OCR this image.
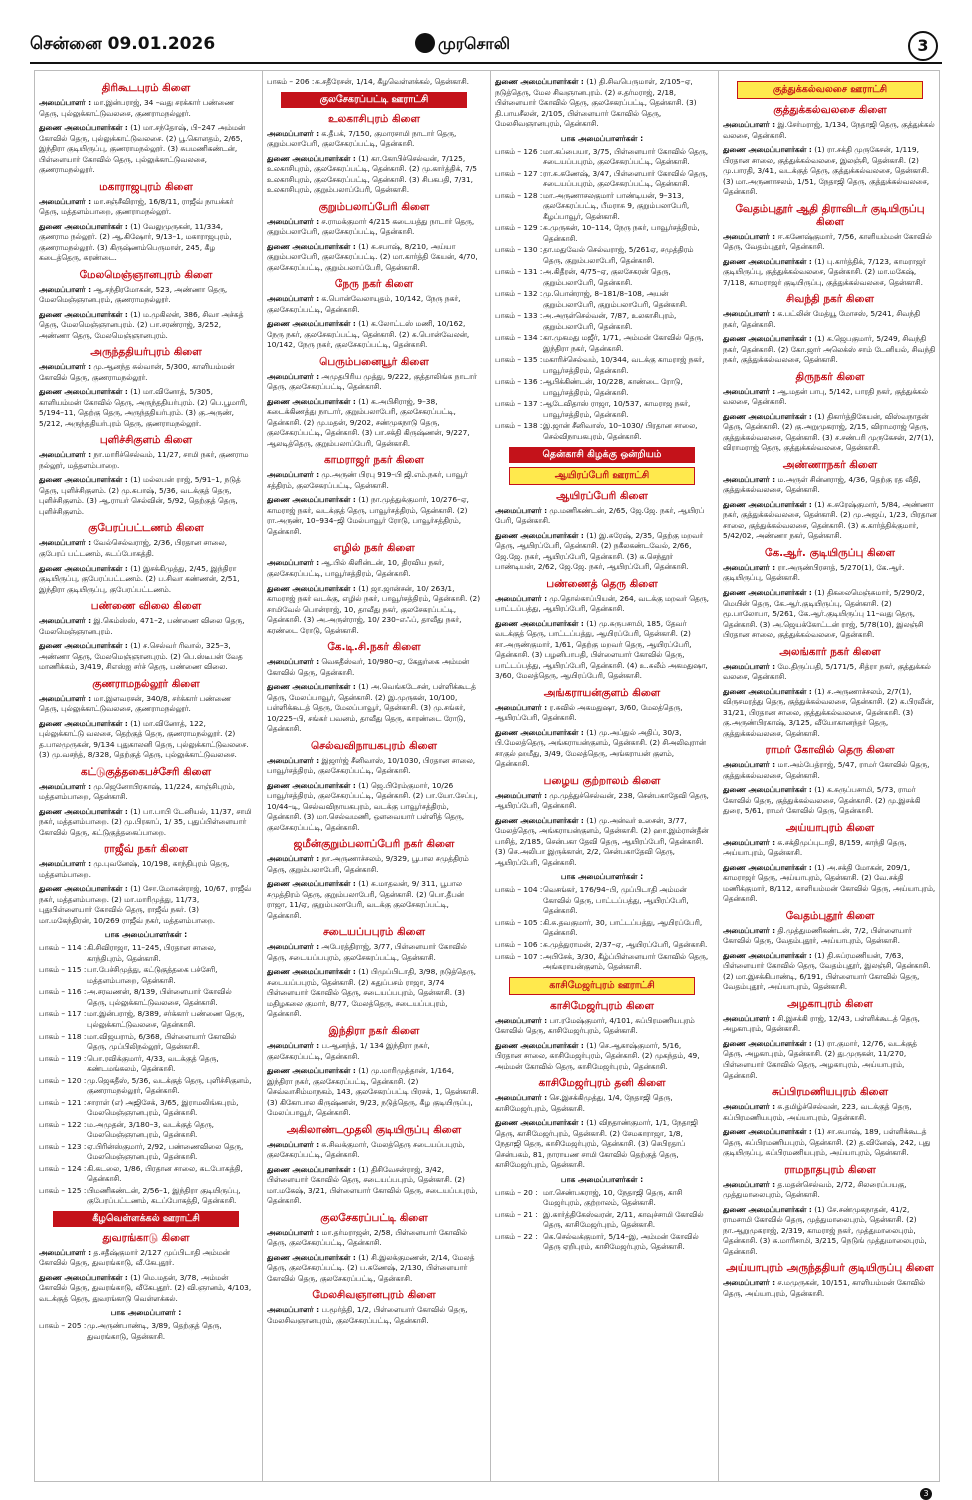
சென்னை 09.01.2026	முரசொலி	3
திரிகூடபுரம் கிளை

அமைப்பாளர் : மா.இன்பராஜ், 34 –வது சரக்கார் பண்ணை தெரு, புல்லுக்காட்டுவலசை, குணராமநல்லூர்.

துணை அமைப்பாளர்கள் : (1) மா.சந்தோஷ், பி–247 அம்மன் கோவில் தெரு, புல்லுக்காட்டுவலசை. (2) பூ.கொளதம், 2/65, இந்திரா குடியிருப்பு, குணராமநல்லூர். (3) சுபமணிகண்டன், பிள்ளையார் கோவில் தெரு, புல்லுக்காட்டுவலசை, குணராமநல்லூர்.

மகாராஜபுரம் கிளை

அமைப்பாளர் : மா.சஞ்சீவிராஜ், 16/8/11, ராஜீவ் நாயக்கர் தெரு, மத்தளம்பாறை, குணராமநல்லூர்.

துணை அமைப்பாளர்கள் : (1) வேலுமுருகன், 11/334, குணராம நல்லூர். (2) ஆ.கிஷோர், 9/13–1, மகாராஜபுரம், குணராமநல்லூர். (3) கிருஷ்ணம்பெருமாள், 245, கீழ கடைத்தெரு, சுரண்டை.

மேலமெஞ்ஞானபுரம் கிளை

அமைப்பாளர் : ஆ.சந்திரமோகன், 523, அண்ணா தெரு, மேலமெஞ்ஞானபுரம், குணராமநல்லூர்.

துணை அமைப்பாளர்கள் : (1) ம.முகிலன், 386, சிவா அச்சுத் தெரு, மேலமெஞ்ஞானபுரம். (2) பா.சரண்ராஜ், 3/252, அண்ணா தெரு, மேலமெஞ்ஞானபுரம்.

அருந்ததியர்புரம் கிளை

அமைப்பாளர் : மு.ஆனந்த சுல்வான், 5/300, காளியம்மன் கோவில் தெரு, குணராமநல்லூர்.

துணை அமைப்பாளர்கள் : (1) மா.வினோத், 5/305, காளியம்மன் கோவில் தெரு, அருந்ததியர்புரம். (2) பெ.பூமாரி, 5/194–11, தெற்கு தெரு, அருந்ததியர்புரம். (3) கு.அருண், 5/212, அருந்ததியர்புரம் தெரு, குணராமநல்லூர்.

புளிச்சிகுளம் கிளை

அமைப்பாளர் : நா.மாரிச்செல்வம், 11/27, சாமி நகர், குணராம நல்லூர், மத்தளம்பாறை.

துணை அமைப்பாளர்கள் : (1) மல்லபன் ராஜ், 5/91–1, நடுத் தெரு, புளிச்சிகுளம். (2) மு.சுபாஷ், 5/36, வடக்குத் தெரு, புளிச்சிகுளம். (3) ஆ.ராயர் செல்வின், 5/92, தெற்குத் தெரு, புளிச்சிகுளம்.

குபேரப்பட்டணம் கிளை

அமைப்பாளர் : வேல்செல்வராஜ், 2/36, பிரதான சாலை, குபேரப் பட்டணம், சுடப்போகத்தி.

துணை அமைப்பாளர்கள் : (1) இசக்கிமுத்து, 2/45, இந்திரா குடியிருப்பு, குபேரப்பட்டணம். (2) ப.சிவா கண்ணன், 2/51, இந்திரா குடியிருப்பு, குபேரப்பட்டணம்.

பண்ணை விலை கிளை

அமைப்பாளர் : இ.கெம்ஸ்ஸ், 471–2, பண்ணை விலை தெரு, மேலமெஞ்ஞானபுரம்.

துணை அமைப்பாளர்கள் : (1) ச.செல்வர் ரிவால், 325–3, அண்ணா தெரு, மேலமெஞ்ஞானபுரம். (2) பெ.ஸ்டீபன் வேத மாணிக்கம், 3/419, சிஎஸ்ஐ சர்ச் தெரு, பண்ணை விலை.

குணராமநல்லூர் கிளை

அமைப்பாளர் : மா.இளவரசன், 340/8, சர்க்கார் பண்ணை தெரு, புல்லுக்காட்டுவலசை, குணராமநல்லூர்.

துணை அமைப்பாளர்கள் : (1) மா.வினோத், 122, புல்லுக்காட்டு வலசை, தெற்குத் தெரு, குணராமநல்லூர். (2) த.பாலமுருகன், 9/134 புதுகாலனி தெரு, புல்லுக்காட்டுவலசை. (3) மு.வசந்த், 8/328, தெற்குத் தெரு, புல்லுக்காட்டுவலசை.

கட்டுகுத்தகைபச்சேரி கிளை

அமைப்பாளர் : மு.ஜெனோபிரகாஷ், 11/224, காஞ்சிபுரம், மத்தளம்பாறை, தென்காசி.

துணை அமைப்பாளர்கள் : (1) பா.பாபி டேனியல், 11/37, சாமி நகர், மத்தளம்பாறை. (2) மு.பிரகாப், 1/ 35, புதுப்பிள்ளையார் கோவில் தெரு, கட்டுகுத்தகைப்பாறை.

ராஜீவ் நகர் கிளை

அமைப்பாளர் : மு.புவனேஷ், 10/198, காந்திபுரம் தெரு, மத்தளம்பாறை.

துணை அமைப்பாளர்கள் : (1) சோ.மோகன்ராஜ், 10/67, ராஜீவ் நகர், மத்தளம்பாறை. (2) மா.மாரிமுத்து, 11/73, புதுபிள்ளையார் கோவில் தெரு, ராஜீவ் நகர். (3) மா.மகேந்திரன், 10/269 ராஜீவ் நகர், மத்தளம்பாறை.

பாக அமைப்பாளர்கள் :
பாகம் – 114 : கி.சிவிராஜா, 11–245, பிரதான சாலை, காந்திபுரம், தென்காசி.
பாகம் – 115 : பா.பேச்சிமுத்து, கட்டுகுத்தகை பச்சேரி, மத்தளம்பாறை, தென்காசி.
பாகம் – 116 : அ.சரவணன், 8/139, பிள்ளையார் கோவில் தெரு, புல்லுக்காட்டுவலசை, தென்காசி.
பாகம் – 117 : மா.இன்பராஜ், 8/389, சர்க்கார் பண்ணை தெரு, புல்லுக்காட்டுவலசை, தென்காசி.
பாகம் – 118 : மா.விஜயராம், 6/368, பிள்ளையார் கோவில் தெரு, முப்பிலிநல்லூர், தென்காசி.
பாகம் – 119 : பொ.ரவிக்குமார், 4/33, வடக்குத் தெரு, கண்டமங்கலம், தென்காசி.
பாகம் – 120 : மு.ஜெகதீஸ், 5/36, வடக்குத் தெரு, புளிச்சிகுளம், குணராமநல்லூர், தென்காசி.
பாகம் – 121 : சாராள் (எ) அஜிசேக், 3/65, இராமலிங்கபுரம், மேலமெஞ்ஞானபுரம், தென்காசி.
பாகம் – 122 : ம.அமுதன், 3/180–3, வடக்குத் தெரு, மேலமெஞ்ஞானபுரம், தென்காசி.
பாகம் – 123 : ஏ.பிரின்ஸ்குமார், 2/92, பண்ணைவிலை தெரு, மேலமெஞ்ஞானபுரம், தென்காசி.
பாகம் – 124 : கி.கடலை, 1/86, பிரதான சாலை, கடபோகத்தி, தென்காசி.
பாகம் – 125 : பிமணிகண்டன், 2/56–1, இந்திரா குடியிருப்பு, குபேரப்பட்டணம், கடப்போகத்தி, தென்காசி.
கீழவெள்ளக்கல் ஊராட்சி
துவரங்காடு கிளை

அமைப்பாளர் : த.சதீஷ்குமார் 2/127 முப்பிடாதி அம்மன் கோவில் தெரு, துவரங்காடு, வீ.கேபுதூர்.

துணை அமைப்பாளர்கள் : (1) மெ.மதன், 3/78, அம்மன் கோவில் தெரு, துவரங்காடு, வீகேபுதூர். (2) வி.ஞானம், 4/103, வடக்குத் தெரு, துவரங்காடு வெள்ளக்கல்.

பாக அமைப்பாளர் :
பாகம் – 205 : மு.அருண்பாண்டி, 3/89, தெற்குத் தெரு, துவரங்காடு, தென்காசி.
பாகம் – 206 : சு.சதீரேசன், 1/14, கீழவெள்ளக்கல், தென்காசி.
குலசேகரப்பட்டி ஊராட்சி
உலகாசிபுரம் கிளை

அமைப்பாளர் : க.தீபக், 7/150, குமாரசாமி நாடார் தெரு, குறும்பலாபேரி, குலசேகரப்பட்டி, தென்காசி.

துணை அமைப்பாளர்கள் : (1) கா.கோபிச்செல்வன், 7/125, உலகாசிபுரம், குலசேகரப்பட்டி, தென்காசி. (2) மு.கார்த்திக், 7/5 உலகாசிபுரம், குலசேகரப்பட்டி, தென்காசி. (3) சிபகபதி, 7/31, உலகாசிபுரம், குறும்பலாப்பேரி, தென்காசி.

குறும்பலாப்பேரி கிளை

அமைப்பாளர் : ச.ராமக்குமார் 4/215 கடையத்து நாடார் தெரு, குறும்பலாபேரி, குலசேகரப்பட்டி, தென்காசி.

துணை அமைப்பாளர்கள் : (1) சு.சபாஷ், 8/210, அய்யா குறும்பலாபேரி, குலசேகரப்பட்டி. (2) மா.கார்த்தி கேயன், 4/70, குலசேகரப்பட்டி, குறும்பலாப்பேரி, தென்காசி.

நேரு நகர் கிளை

அமைப்பாளர் : க.பொன்வேலாயுதம், 10/142, நேரு நகர், குலசேகரப்பட்டி, தென்காசி.

துணை அமைப்பாளர்கள் : (1) க.லோட்டஸ் மணி, 10/162, நேரு நகர், குலசேகரப்பட்டி, தென்காசி. (2) சு.பொன்வேலன், 10/142, நேரு நகர், குலசேகரப்பட்டி, தென்காசி.

பெரும்பனையூர் கிளை

அமைப்பாளர் : அமுதபிரிய முத்து, 9/222, குத்தாலிங்க நாடார் தெரு, குலசேகரப்பட்டி, தென்காசி.

துணை அமைப்பாளர்கள் : (1) க.அபிசிராஜ், 9–38, கடைக்கிணத்து நாடார், குறும்பலாபேரி, குலசேகரப்பட்டி, தென்காசி. (2) மு.மதன், 9/202, சண்முகநாடு தெரு, குலசேகரப்பட்டி, தென்காசி. (3) பா.சக்தி கிருஷ்ணன், 9/227, ஆலடித்தெரு, குறும்பலாப்பேரி, தென்காசி.

காமராஜர் நகர் கிளை

அமைப்பாளர் : மு.அருண் பிரபு 919–பி ஜி.எம்.நகர், பாவூர் சத்திரம், குலசேகரப்பட்டி, தென்காசி.

துணை அமைப்பாளர்கள் : (1) நா.முத்துக்குமார், 10/276–ஏ, காமராஜ் நகர், வடக்குத் தெரு, பாவூர்சத்திரம், தென்காசி. (2) ரா.அருண், 10–934–ஜி மேல்பாவூர் ரோடு, பாவூர்சத்திரம், தென்காசி.

எழில் நகர் கிளை

அமைப்பாளர் : ஆ.பில் கிளின்டன், 10, திரவிய நகர், குலசேகரப்பட்டி, பாவூர்சத்திரம், தென்காசி.

துணை அமைப்பாளர்கள் : (1) ஜா.ஜான்சன், 10/ 263/1, காமராஜ் நகர் வடக்கு, எழில் நகர், பாவூர்சத்திரம், தென்காசி. (2) சாமிவேல் பொன்ராஜ், 10, தாவீது நகர், குலசேகரப்பட்டி, தென்காசி. (3) அ.அருள்ராஜ், 10/ 230–எஃப், தாவீது நகர், கரண்டை ரோடு, தென்காசி.

கே.டி.சி.நகர் கிளை

அமைப்பாளர் : வெகதீஸ்வர், 10/980–ஏ, கேதுர்கை அம்மன் கோவில் தெரு, தென்காசி.

துணை அமைப்பாளர்கள் : (1) அ.வெங்கடேசன், பள்ளிக்கூடத் தெரு, மேலப்பாவூர், தென்காசி. (2) இ.முருகன், 10/100, பள்ளிக்கூடத் தெரு, மேலப்பாவூர், தென்காசி. (3) மு.சங்கர், 10/225–பி, சங்கர் பவனம், தாவீது தெரு, காரண்டை ரோடு, தென்காசி.

செல்வவிநாயகபுரம் கிளை

அமைப்பாளர் : இஜார்ஜ் சீனிவாஸ், 10/1030, பிரதான சாலை, பாவூர்சத்திரம், குலசேகரப்பட்டி, தென்காசி.

துணை அமைப்பாளர்கள் : (1) ஜெ.பிரேம்குமார், 10/26 பாவூர்சத்திரம், குலசேகரப்பட்டி, தென்காசி. (2) பா.யோ.சேப்பு, 10/44–டி, செல்வவிநாயகபுரம், வடக்கு பாவூர்சத்திரம், தென்காசி. (3) மா.செல்வமணி, ஒளவையார் பள்ளித் தெரு, குலசேகரப்பட்டி, தென்காசி.

ஜமீன்குறும்பலாப்பேரி நகர் கிளை

அமைப்பாளர் : நா.அருணாச்சலம், 9/329, பூபால சமுத்திரம் தெரு, குறும்பலாபேரி, தென்காசி.

துணை அமைப்பாளர்கள் : (1) சு.மாதவன், 9/ 311, பூபால சமுத்திரம் தெரு, குறும்பலாபேரி, தென்காசி. (2) பொ.தீபன் ராஜா, 11/ஏ, குறும்பலாபேரி, வடக்கு குலசேகரப்பட்டி, தென்காசி.

சடையப்பபுரம் கிளை

அமைப்பாளர் : அபேரத்திராஜ், 3/77, பிள்ளையார் கோவில் தெரு, சடையப்பபுரம், குலசேகரப்பட்டி, தென்காசி.

துணை அமைப்பாளர்கள் : (1) பிமுப்பிடாதி, 3/98, நடுத்தெரு, சடையப்பபுரம், தென்காசி. (2) சுதுப்பசம் ராஜா, 3/74 பிள்ளையார் கோவில் தெரு, சடையப்பபுரம், தென்காசி. (3) மதிழகலை குமார், 8/77, மேலத்தெரு, சடையப்பபுரம், தென்காசி.

இந்திரா நகர் கிளை

அமைப்பாளர் : ப.ஆனந்த், 1/ 134 இந்திரா நகர், குலசேகரப்பட்டி, தென்காசி.

துணை அமைப்பாளர்கள் : (1) மு.மாரிமுத்தான், 1/164, இந்திரா நகர், குலசேகரப்பட்டி, தென்காசி. (2) செவ்வாசிம்மாநகம், 143, குலசேகரப்பட்டி பிரசக், 1, தென்காசி. (3) கிகோபால கிருஷ்ணன், 9/23, நடுத்தெரு, கீழ குடியிருப்பு, மேலப்பாவூர், தென்காசி.

அகிலாண்டமுதலி குடியிருப்பு கிளை

அமைப்பாளர் : சு.சிவக்குமார், மேலத்தெரு சடையப்பபுரம், குலசேகரப்பட்டி, தென்காசி.

துணை அமைப்பாளர்கள் : (1) திசிவேசன்ராஜ், 3/42, பிள்ளையார் கோவில் தெரு, சடையப்பபுரம், தென்காசி. (2) மா.மகேஷ், 3/21, பிள்ளையார் கோவில் தெரு, சடையப்பபுரம், தென்காசி.

குலசேகரப்பட்டி கிளை

அமைப்பாளர் : மா.தர்மராஜன், 2/58, பிள்ளையார் கோவில் தெரு, குலசேகரப்பட்டி, தென்காசி.

துணை அமைப்பாளர்கள் : (1) சி.இலக்குமணன், 2/14, மேலத் தெரு, குலசேகரப்பட்டி. (2) ப.கணேஷ், 2/130, பிள்ளையார் கோவில் தெரு, குலசேகரப்பட்டி, தென்காசி.

மேலசிவஞானபுரம் கிளை

அமைப்பாளர் : ப.மூர்த்தி, 1/2, பிள்ளையார் கோவில் தெரு, மேலசிவஞானபுரம், குலசேகரப்பட்டி, தென்காசி.

துணை அமைப்பாளர்கள் : (1) தி.சிவபெருமாள், 2/105–ஏ, நடுத்தெரு, மேல சிவஞானபுரம். (2) ச.தர்மராஜ், 2/18, பிள்ளையார் கோவில் தெரு, குலசேகரப்பட்டி, தென்காசி. (3) தி.பாயசீலன், 2/105, பிள்ளையார் கோவில் தெரு, மேலசிவஞானபுரம், தென்காசி.

பாக அமைப்பாளர்கள் :
பாகம் – 126 : மா.கப்பையா, 3/75, பிள்ளையார் கோவில் தெரு, சடையப்பபுரம், குலசேகரப்பட்டி, தென்காசி.
பாகம் – 127 : ரா.சு.கணேஷ், 3/47, பிள்ளையார் கோவில் தெரு, சடையப்பபுரம், குலசேகரப்பட்டி, தென்காசி.
பாகம் – 128 : மா.அருணாசலகுமார் பாண்டியன், 9–313, குலசேகரப்பட்டி, பீமராசு 9, குறும்பலாபேரி, கீழப்பாவூர், தென்காசி.
பாகம் – 129 : சு.முருகன், 10–114, நேரு நகர், பாவூர்சத்திரம், தென்காசி.
பாகம் – 130 : தா.மதுவேல் செல்வராஜ், 5/261ஏ, சமுத்திரம் தெரு, குறும்பலாபேரி, தென்காசி.
பாகம் – 131 : அ.கிதீரன், 4/75–ஏ, குலசேகரன் தெரு, குறும்பலாபேரி, தென்காசி.
பாகம் – 132 : மு.பொன்ராஜ், 8–181/8–108, அயன் குறும்பலாபேரி, குறும்பலாபேரி, தென்காசி.
பாகம் – 133 : அ.அருள்செல்வன், 7/87, உலகாசிபுரம், குறும்பலாபேரி, தென்காசி.
பாகம் – 134 : கா.முகமது மஜீர், 1/71, அம்மன் கோவில் தெரு, இந்திரா நகர், தென்காசி.
பாகம் – 135 : மகாரிச்செல்வம், 10/344, வடக்கு காமராஜ் நகர், பாவூர்சத்திரம், தென்காசி.
பாகம் – 136 : ஆபிக்கிண்டன், 10/228, காண்டை ரோடு, பாவூர்சத்திரம், தென்காசி.
பாகம் – 137 : ஆடேவிதாஸ் ராஜா, 10/537, காமராஜ நகர், பாவூர்சத்திரம், தென்காசி.
பாகம் – 138 : இ.ஜான் சீனிவாஸ், 10–1030/ பிரதான சாலை, செல்விநாயகபுரம், தென்காசி.
தென்காசி கிழக்கு ஒன்றியம்
ஆயிரப்பேரி ஊராட்சி
ஆயிரப்பேரி கிளை

அமைப்பாளர் : மு.மணிகண்டன், 2/65, ஜே.ஜே. நகர், ஆயிரப் பேரி, தென்காசி.

துணை அமைப்பாளர்கள் : (1) இ.சுரேஷ், 2/35, தெற்கு மறவர் தெரு, ஆயிரப்பேரி, தென்காசி. (2) நகீலகண்டவேல், 2/66, ஜே.ஜே. நகர், ஆயிரப்பேரி, தென்காசி. (3) சு.செந்தூர் பாண்டியன், 2/62, ஜே.ஜே. நகர், ஆயிரப்பேரி, தென்காசி.

பண்ணைத் தெரு கிளை

அமைப்பாளர் : மு.தொல்காப்பியன், 264, வடக்கு மறவர் தெரு, பாட்டப்பத்து, ஆயிரப்பேரி, தென்காசி.

துணை அமைப்பாளர்கள் : (1) மு.சுருபசாமி, 185, தேவர் வடக்குத் தெரு, பாட்டப்பத்து, ஆயிரப்பேரி, தென்காசி. (2) சா.அருண்குமார், 1/61, தெற்கு மறவர் தெரு, ஆயிரப்பேரி, தென்காசி. (3) பழனிபாபதி, பிள்ளையார் கோவில் தெரு, பாட்டப்பத்து, ஆயிரப்பேரி, தென்காசி. (4) உ.சுலீம் அகமதுஷா, 3/60, மேலத்தெரு, ஆயிரப்பேரி, தென்காசி.

அங்கராயன்குளம் கிளை

அமைப்பாளர் : ர.சுவில் அகமதுஷா, 3/60, மேலத்தெரு, ஆயிரப்பேரி, தென்காசி.

துணை அமைப்பாளர்கள் : (1) மு.அப்துல் அதிப், 30/3, பி.மேலத்தெரு, அங்கராயன்குளம், தென்காசி. (2) சிஅலிவுரான் சாகுல் ஹமீது, 3/49, மேலத்தெரு, அங்கராயன் குளம், தென்காசி.

பழைய குற்றாலம் கிளை

அமைப்பாளர் : மு.முத்துச்செல்வன், 238, சென்பகாதேவி தெரு, ஆயிரப்பேரி, தென்காசி.

துணை அமைப்பாளர்கள் : (1) மு.அன்வர் உசைன், 3/77, மேலத்தெரு, அங்கராயன்குளம், தென்காசி. (2) ஹா.இம்ரான்தீன் பாசித், 2/185, சென்பகா தேவி தெரு, ஆயிரப்பேரி, தென்காசி. (3) செ.அலிபா இருக்கான், 2/2, சென்பகாதேவி தெரு, ஆயிரப்பேரி, தென்காசி.

பாக அமைப்பாளர்கள் :
பாகம் – 104 : வெசங்கர், 176/94–பி, முப்பிடாதி அம்மன் கோவில் தெரு, பாட்டப்பத்து, ஆயிரப்பேரி, தென்காசி.
பாகம் – 105 : கி.சு.தவகுமார், 30, பாட்டப்பத்து, ஆயிரப்பேரி, தென்காசி.
பாகம் – 106 : சு.முத்துராமன், 2/37–ஏ, ஆயிரப்பேரி, தென்காசி.
பாகம் – 107 : அபிசேக், 3/30, கீழ்ப்பிள்ளையார் கோவில் தெரு, அங்கராயன்குளம், தென்காசி.
காசிமேஜர்புரம் ஊராட்சி
காசிமேஜர்புரம் கிளை

அமைப்பாளர் : பா.ரமேஷ்குமார், 4/101, சுப்பிரமணியபுரம் கோவில் தெரு, காசிமேஜர்புரம், தென்காசி.

துணை அமைப்பாளர்கள் : (1) செ.ஆகாஷ்குமார், 5/16, பிரதான சாலை, காசிமேஜர்புரம், தென்காசி. (2) முகந்தம், 49, அம்மன் கோவில் தெரு, காசிமேஜர்புரம், தென்காசி.

காசிமேஜர்புரம் தனி கிளை

அமைப்பாளர் : செ.இசக்கிமுத்து, 1/4, நேதாஜி தெரு, காசிமேஜர்புரம், தென்காசி.

துணை அமைப்பாளர்கள் : (1) விநதாண்குமார், 1/1, நேதாஜி தெரு, காசிமேஜர்புரம், தென்காசி. (2) சேமகாராஜா, 1/8, நேதாஜி தெரு, காசிமேஜர்புரம், தென்காசி. (3) செபிரதாப் சென்பகம், 81, நாராயண சாமி கோவில் தெற்குத் தெரு, காசிமேஜர்புரம், தென்காசி.

பாக அமைப்பாளர்கள் :
பாகம் – 20 : மா.செண்பகராஜ், 10, நேதாஜி தெரு, காசி மேஜர்புரம், குற்றாலம், தென்காசி.
பாகம் – 21 : இ.கார்த்திகேஸ்வரன், 2/11, காவுச்சாமி கோவில் தெரு, காசிமேஜர்புரம், தென்காசி.
பாகம் – 22 : கெ.செல்வக்குமார், 5/14–இ, அம்மன் கோவில் தெரு ஏறிபுரம், காசிமேஜர்புரம், தென்காசி.
குத்துக்கல்வலசை ஊராட்சி
குத்துக்கல்வலசை கிளை

அமைப்பாளர் : இ.சேர்மராஜ், 1/134, நேதாஜி தெரு, குத்துக்கல் வலசை, தென்காசி.

துணை அமைப்பாளர்கள் : (1) ரா.சக்தி முருகேசன், 1/119, பிரதான சாலை, குத்துக்கல்வலசை, இலஞ்சி, தென்காசி. (2) மு.பாரதி, 3/41, வடக்குத் தெரு, குத்துக்கல்வலசை, தென்காசி. (3) மா.அருணாசலம், 1/51, நேதாஜி தெரு, குத்துக்கல்வலசை, தென்காசி.

வேதம்புதூர் ஆதி திராவிடர் குடியிருப்பு கிளை

அமைப்பாளர் : ஈ.கணேஷ்குமார், 7/56, காளியம்மன் கோவில் தெரு, வேதம்புதூர், தென்காசி.

துணை அமைப்பாளர்கள் : (1) பு.கார்த்திக், 7/123, காமராஜர் குடியிருப்பு, குத்துக்கல்வலசை, தென்காசி. (2) மா.மகேஷ், 7/118, காமராஜர் குடியிருப்பு, குத்துக்கல்வலசை, தென்காசி.

சிவந்தி நகர் கிளை

அமைப்பாளர் : க.பட்லின் மேத்யூ மோசஸ், 5/241, சிவந்தி நகர், தென்காசி.

துணை அமைப்பாளர்கள் : (1) க.ஜெபகுமார், 5/249, சிவந்தி நகர், தென்காசி. (2) கோ.ஜார் அலெக்ஸ் சாம் டேனியல், சிவந்தி நகர், குத்துக்கல்வலசை, தென்காசி.

திருநகர் கிளை

அமைப்பாளர் : ஆ.மதன் பாபு, 5/142, பாரதி நகர், குத்துக்கல் வலசை, தென்காசி.

துணை அமைப்பாளர்கள் : (1) திகார்த்திகேயன், விஸ்வநாதன் தெரு, தென்காசி. (2) கு.அறுமுகராஜ், 2/15, விராமராஜ் தெரு, குத்துக்கல்வலசை, தென்காசி. (3) ச.சண்பரி முருகேசன், 2/7(1), விராமராஜ் தெரு, குத்துக்கல்வலசை, தென்காசி.

அண்ணாநகர் கிளை

அமைப்பாளர் : ம.அருள் சின்னராஜ், 4/36, தெற்கு ரத வீதி, குத்துக்கல்வலசை, தென்காசி.

துணை அமைப்பாளர்கள் : (1) சு.சுரேஷ்குமார், 5/84, அண்ணா நகர், குத்துக்கல்வலசை, தென்காசி. (2) மு.அஜய், 1/23, பிரதான சாலை, குத்துக்கல்வலசை, தென்காசி. (3) சு.கார்த்திக்குமார், 5/42/02, அண்ணா நகர், தென்காசி.

கே.ஆர். குடியிருப்பு கிளை

அமைப்பாளர் : ரா.அருண்பிரசாத், 5/270(1), கே.ஆர். குடியிருப்பு, தென்காசி.

துணை அமைப்பாளர்கள் : (1) திகலைமெஞ்சுமார், 5/290/2, மெயின் தெரு, கே.ஆர்.குடியிருப்பு, தென்காசி. (2) மூ.பாலோபா, 5/261, கே.ஆர்.குடியிருப்பு 11–வது தெரு, தென்காசி. (3) அ.ஜெயக்கோட்டன் ராஜ், 5/78(10), இலஞ்சி பிரதான சாலை, குத்துக்கல்வலசை, தென்காசி.

அலங்கார் நகர் கிளை

அமைப்பாளர் : மே.திருப்பதி, 5/171/5, சித்ரா நகர், குத்துக்கல் வலசை, தென்காசி.

துணை அமைப்பாளர்கள் : (1) ச.அருணாச்சலம், 2/7(1), விருசமரத்து தெரு, குத்துக்கல்வலசை, தென்காசி. (2) க.பிரவீன், 31/21, பிரதான சாலை, குத்துக்கல்வலசை, தென்காசி. (3) கு.அருண்பிரகாஷ், 3/125, வீயோகானந்தர் தெரு, குத்துக்கல்வலசை, தென்காசி.

ராமர் கோவில் தெரு கிளை

அமைப்பாளர் : மா.அம்பேத்ராஜ், 5/47, ராமர் கோவில் தெரு, குத்துக்கல்வலசை, தென்காசி.

துணை அமைப்பாளர்கள் : (1) க.சுருப்பசாமி, 5/73, ராமர் கோவில் தெரு, குத்துக்கல்வலசை, தென்காசி. (2) மு.இசக்கி துரை, 5/61, ராமர் கோவில் தெரு, தென்காசி.

அய்யாபுரம் கிளை

அமைப்பாளர் : சு.சக்திமுப்புடாதி, 8/159, காந்தி தெரு, அய்யாபுரம், தென்காசி.

துணை அமைப்பாளர்கள் : (1) அ.சக்தி மோகன், 209/1, காமராஜர் தெரு, அய்யாபுரம், தென்காசி. (2) வே.சக்தி மணிக்குமார், 8/112, காளியம்மன் கோவில் தெரு, அய்யாபுரம், தென்காசி.

வேதம்புதூர் கிளை

அமைப்பாளர் : தி.முத்துமணிகண்டன், 7/2, பிள்ளையார் கோவில் தெரு, வேதம்புதூர், அய்யாபுரம், தென்காசி.

துணை அமைப்பாளர்கள் : (1) தி.சுப்ரமணியன், 7/63, பிள்ளையார் கோவில் தெரு, வேதம்புதூர், இலஞ்சி, தென்காசி. (2) மா.இசக்கிபாண்டி, 6/191, பிள்ளையார் கோவில் தெரு, வேதம்புதூர், அய்யாபுரம், தென்காசி.

அழகாபுரம் கிளை

அமைப்பாளர் : சி.இசக்கி ராஜ், 12/43, பள்ளிக்கூடத் தெரு, அழகாபுரம், தென்காசி.

துணை அமைப்பாளர்கள் : (1) ரா.குமார், 12/76, வடக்குத் தெரு, அழகாபுரம், தென்காசி. (2) து.முருகன், 11/270, பிள்ளையார் கோவில் தெரு, அழகாபுரம், அய்யாபுரம், தென்காசி.

சுப்பிரமணியபுரம் கிளை

அமைப்பாளர் : சு.தமிழ்ச்செல்வன், 223, வடக்குத் தெரு, சுப்பிரமணியபுரம், அய்யாபுரம், தென்காசி.

துணை அமைப்பாளர்கள் : (1) சா.சுபாஷ், 189, பள்ளிக்கூடத் தெரு, சுப்பிரமணியபுரம், தென்காசி. (2) த.வினேஷ், 242, புது குடியிருப்பு, சுப்பிரமணியபுரம், அய்யாபுரம், தென்காசி.

ராமநாதபுரம் கிளை

அமைப்பாளர் : த.மதன்செல்வம், 2/72, சிலரைப்பயகு, முத்துமாலைபுரம், தென்காசி.

துணை அமைப்பாளர்கள் : (1) சே.சண்முகநாதன், 41/2, ராமசாமி கோவில் தெரு, முத்துமாலைபுரம், தென்காசி. (2) நா.ஆறுமுகராஜ், 2/319, காமராஜ் நகர், முத்துமாலைபுரம், தென்காசி. (3) சு.மாரிசாமி, 3/215, நெடுங் முத்துமாலைபுரம், தென்காசி.

அய்யாபுரம் அருந்ததியர் குடியிருப்பு கிளை

அமைப்பாளர் : ச.மமுருகன், 10/151, காளியம்மன் கோவில் தெரு, அய்யாபுரம், தென்காசி.

3
